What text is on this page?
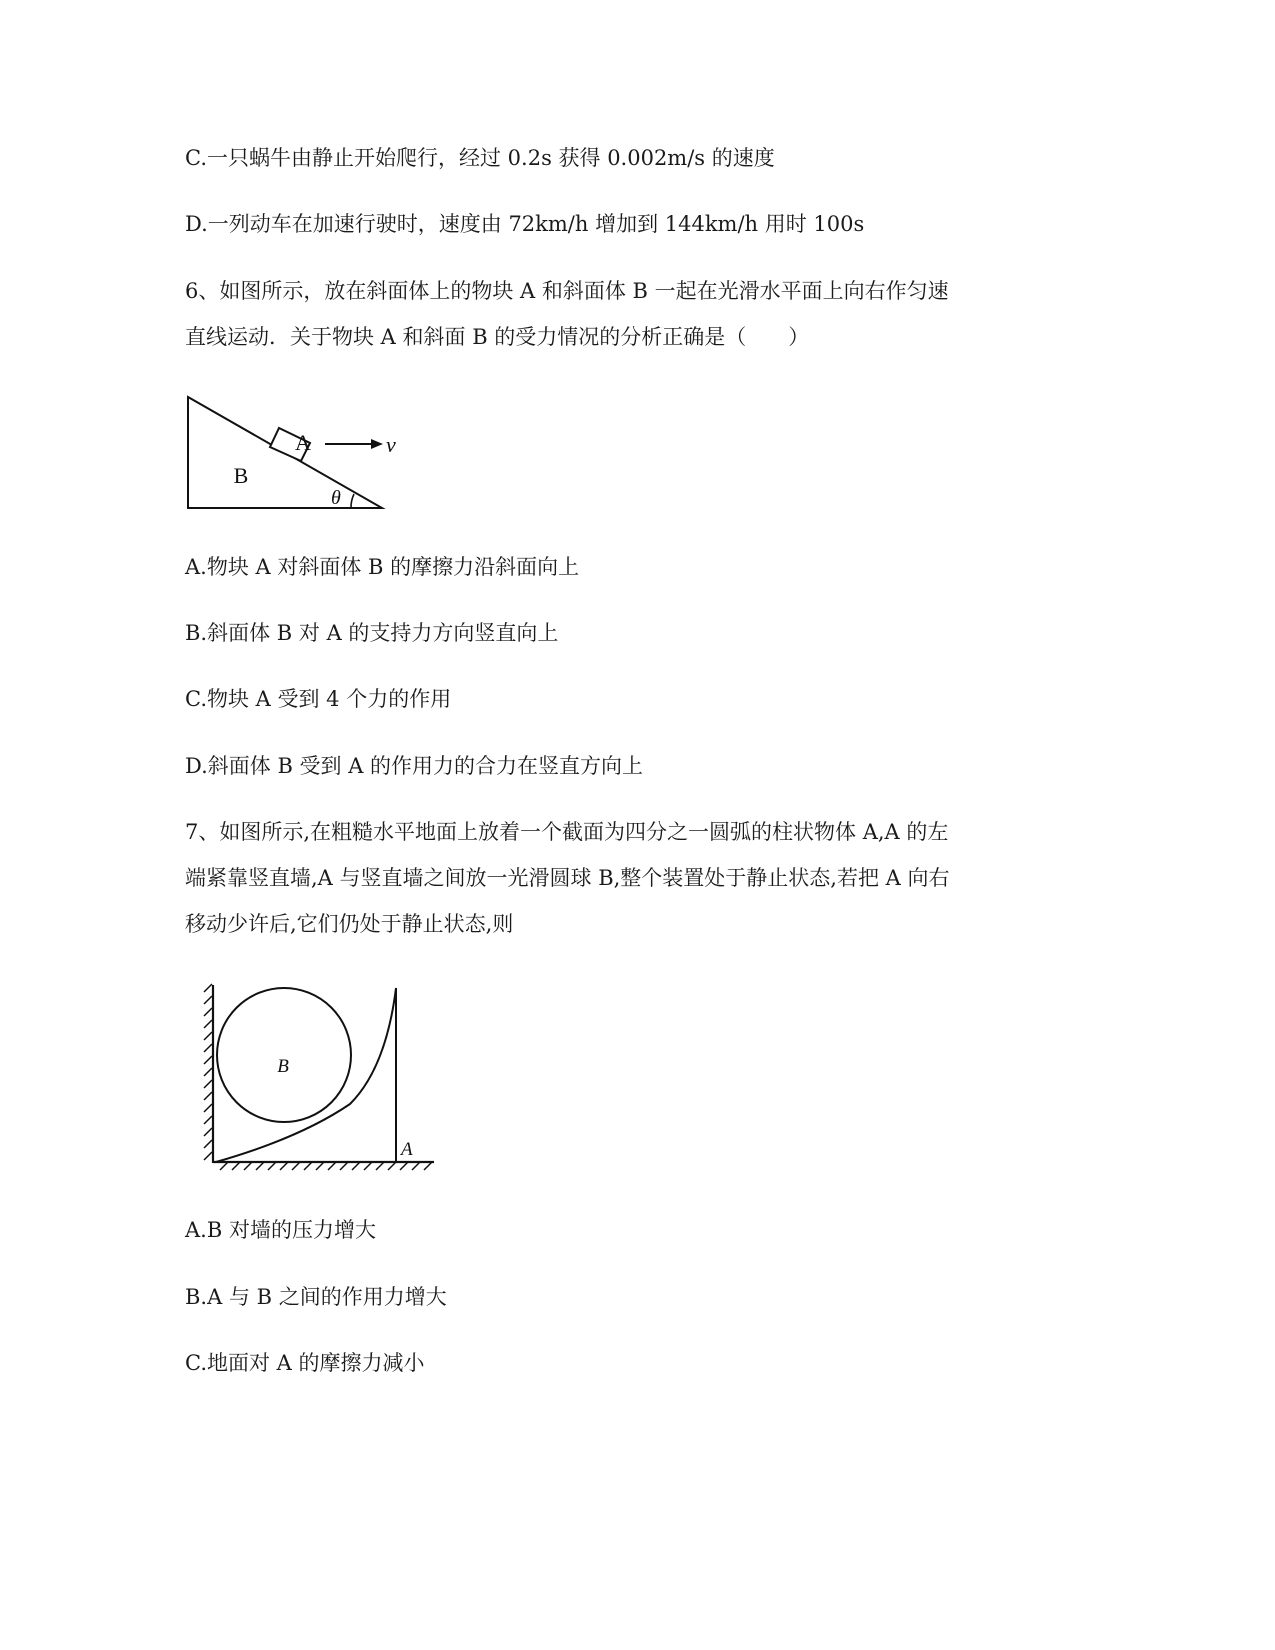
C.一只蜗牛由静止开始爬行，经过 0.2s 获得 0.002m/s 的速度
D.一列动车在加速行驶时，速度由 72km/h 增加到 144km/h 用时 100s
6、如图所示，放在斜面体上的物块 A 和斜面体 B 一起在光滑水平面上向右作匀速
直线运动．关于物块 A 和斜面 B 的受力情况的分析正确是（　　）
A
B
v
θ
A.物块 A 对斜面体 B 的摩擦力沿斜面向上
B.斜面体 B 对 A 的支持力方向竖直向上
C.物块 A 受到 4 个力的作用
D.斜面体 B 受到 A 的作用力的合力在竖直方向上
7、如图所示,在粗糙水平地面上放着一个截面为四分之一圆弧的柱状物体 A,A 的左
端紧靠竖直墙,A 与竖直墙之间放一光滑圆球 B,整个装置处于静止状态,若把 A 向右
移动少许后,它们仍处于静止状态,则
B
A
A.B 对墙的压力增大
B.A 与 B 之间的作用力增大
C.地面对 A 的摩擦力减小
